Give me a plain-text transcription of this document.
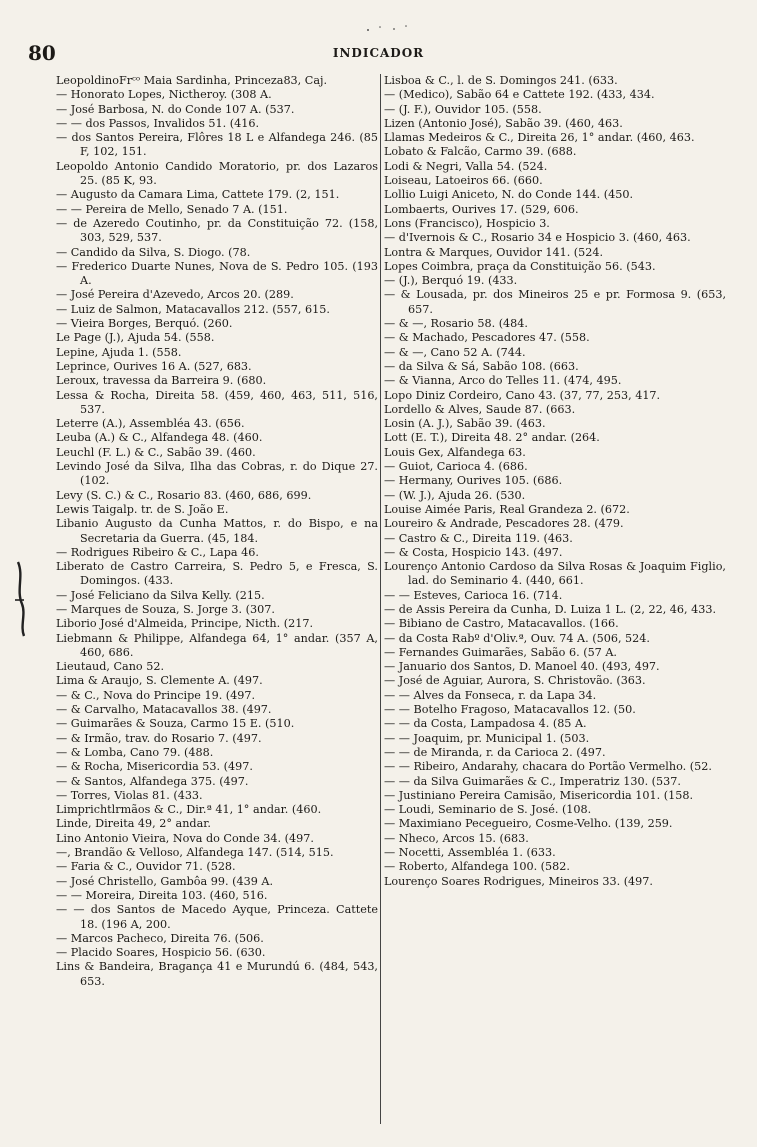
80	INDICADOR

LeopoldinoFrᶜᵒ Maia Sardinha, Princeza83, Caj.

— Honorato Lopes, Nictheroy. (308 A.

— José Barbosa, N. do Conde 107 A. (537.

— — dos Passos, Invalidos 51. (416.

— dos Santos Pereira, Flôres 18 L e Alfandega 246. (85 F, 102, 151.

Leopoldo Antonio Candido Moratorio, pr. dos Lazaros 25. (85 K, 93.

— Augusto da Camara Lima, Cattete 179. (2, 151.

— — Pereira de Mello, Senado 7 A. (151.

— de Azeredo Coutinho, pr. da Constituição 72. (158, 303, 529, 537.

— Candido da Silva, S. Diogo. (78.

— Frederico Duarte Nunes, Nova de S. Pedro 105. (193 A.

— José Pereira d'Azevedo, Arcos 20. (289.

— Luiz de Salmon, Matacavallos 212. (557, 615.

— Vieira Borges, Berquó. (260.

Le Page (J.), Ajuda 54. (558.

Lepine, Ajuda 1. (558.

Leprince, Ourives 16 A. (527, 683.

Leroux, travessa da Barreira 9. (680.

Lessa & Rocha, Direita 58. (459, 460, 463, 511, 516, 537.

Leterre (A.), Assembléa 43. (656.

Leuba (A.) & C., Alfandega 48. (460.

Leuchl (F. L.) & C., Sabão 39. (460.

Levindo José da Silva, Ilha das Cobras, r. do Dique 27. (102.

Levy (S. C.) & C., Rosario 83. (460, 686, 699.

Lewis Taigalp. tr. de S. João E.

Libanio Augusto da Cunha Mattos, r. do Bispo, e na Secretaria da Guerra. (45, 184.

— Rodrigues Ribeiro & C., Lapa 46.

Liberato de Castro Carreira, S. Pedro 5, e Fresca, S. Domingos. (433.

— José Feliciano da Silva Kelly. (215.

— Marques de Souza, S. Jorge 3. (307.

Liborio José d'Almeida, Principe, Nicth. (217.

Liebmann & Philippe, Alfandega 64, 1° andar. (357 A, 460, 686.

Lieutaud, Cano 52.

Lima & Araujo, S. Clemente A. (497.

— & C., Nova do Principe 19. (497.

— & Carvalho, Matacavallos 38. (497.

— Guimarães & Souza, Carmo 15 E. (510.

— & Irmão, trav. do Rosario 7. (497.

— & Lomba, Cano 79. (488.

— & Rocha, Misericordia 53. (497.

— & Santos, Alfandega 375. (497.

— Torres, Violas 81. (433.

Limprichtlrmãos & C., Dir.ª 41, 1° andar. (460.

Linde, Direita 49, 2° andar.

Lino Antonio Vieira, Nova do Conde 34. (497.

—, Brandão & Velloso, Alfandega 147. (514, 515.

— Faria & C., Ouvidor 71. (528.

— José Christello, Gambôa 99. (439 A.

— — Moreira, Direita 103. (460, 516.

— — dos Santos de Macedo Ayque, Princeza. Cattete 18. (196 A, 200.

— Marcos Pacheco, Direita 76. (506.

— Placido Soares, Hospicio 56. (630.

Lins & Bandeira, Bragança 41 e Murundú 6. (484, 543, 653.

Lisboa & C., l. de S. Domingos 241. (633.

— (Medico), Sabão 64 e Cattete 192. (433, 434.

— (J. F.), Ouvidor 105. (558.

Lizen (Antonio José), Sabão 39. (460, 463.

Llamas Medeiros & C., Direita 26, 1° andar. (460, 463.

Lobato & Falcão, Carmo 39. (688.

Lodi & Negri, Valla 54. (524.

Loiseau, Latoeiros 66. (660.

Lollio Luigi Aniceto, N. do Conde 144. (450.

Lombaerts, Ourives 17. (529, 606.

Lons (Francisco), Hospicio 3.

— d'Ivernois & C., Rosario 34 e Hospicio 3. (460, 463.

Lontra & Marques, Ouvidor 141. (524.

Lopes Coimbra, praça da Constituição 56. (543.

— (J.), Berquó 19. (433.

— & Lousada, pr. dos Mineiros 25 e pr. Formosa 9. (653, 657.

— & —, Rosario 58. (484.

— & Machado, Pescadores 47. (558.

— & —, Cano 52 A. (744.

— da Silva & Sá, Sabão 108. (663.

— & Vianna, Arco do Telles 11. (474, 495.

Lopo Diniz Cordeiro, Cano 43. (37, 77, 253, 417.

Lordello & Alves, Saude 87. (663.

Losin (A. J.), Sabão 39. (463.

Lott (E. T.), Direita 48. 2° andar. (264.

Louis Gex, Alfandega 63.

— Guiot, Carioca 4. (686.

— Hermany, Ourives 105. (686.

— (W. J.), Ajuda 26. (530.

Louise Aimée Paris, Real Grandeza 2. (672.

Loureiro & Andrade, Pescadores 28. (479.

— Castro & C., Direita 119. (463.

— & Costa, Hospicio 143. (497.

Lourenço Antonio Cardoso da Silva Rosas & Joaquim Figlio, lad. do Seminario 4. (440, 661.

— — Esteves, Carioca 16. (714.

— de Assis Pereira da Cunha, D. Luiza 1 L. (2, 22, 46, 433.

— Bibiano de Castro, Matacavallos. (166.

— da Costa Rabº d'Oliv.ª, Ouv. 74 A. (506, 524.

— Fernandes Guimarães, Sabão 6. (57 A.

— Januario dos Santos, D. Manoel 40. (493, 497.

— José de Aguiar, Aurora, S. Christovão. (363.

— — Alves da Fonseca, r. da Lapa 34.

— — Botelho Fragoso, Matacavallos 12. (50.

— — da Costa, Lampadosa 4. (85 A.

— — Joaquim, pr. Municipal 1. (503.

— — de Miranda, r. da Carioca 2. (497.

— — Ribeiro, Andarahy, chacara do Portão Vermelho. (52.

— — da Silva Guimarães & C., Imperatriz 130. (537.

— Justiniano Pereira Camisão, Misericordia 101. (158.

— Loudi, Seminario de S. José. (108.

— Maximiano Pecegueiro, Cosme-Velho. (139, 259.

— Nheco, Arcos 15. (683.

— Nocetti, Assembléa 1. (633.

— Roberto, Alfandega 100. (582.

Lourenço Soares Rodrigues, Mineiros 33. (497.
